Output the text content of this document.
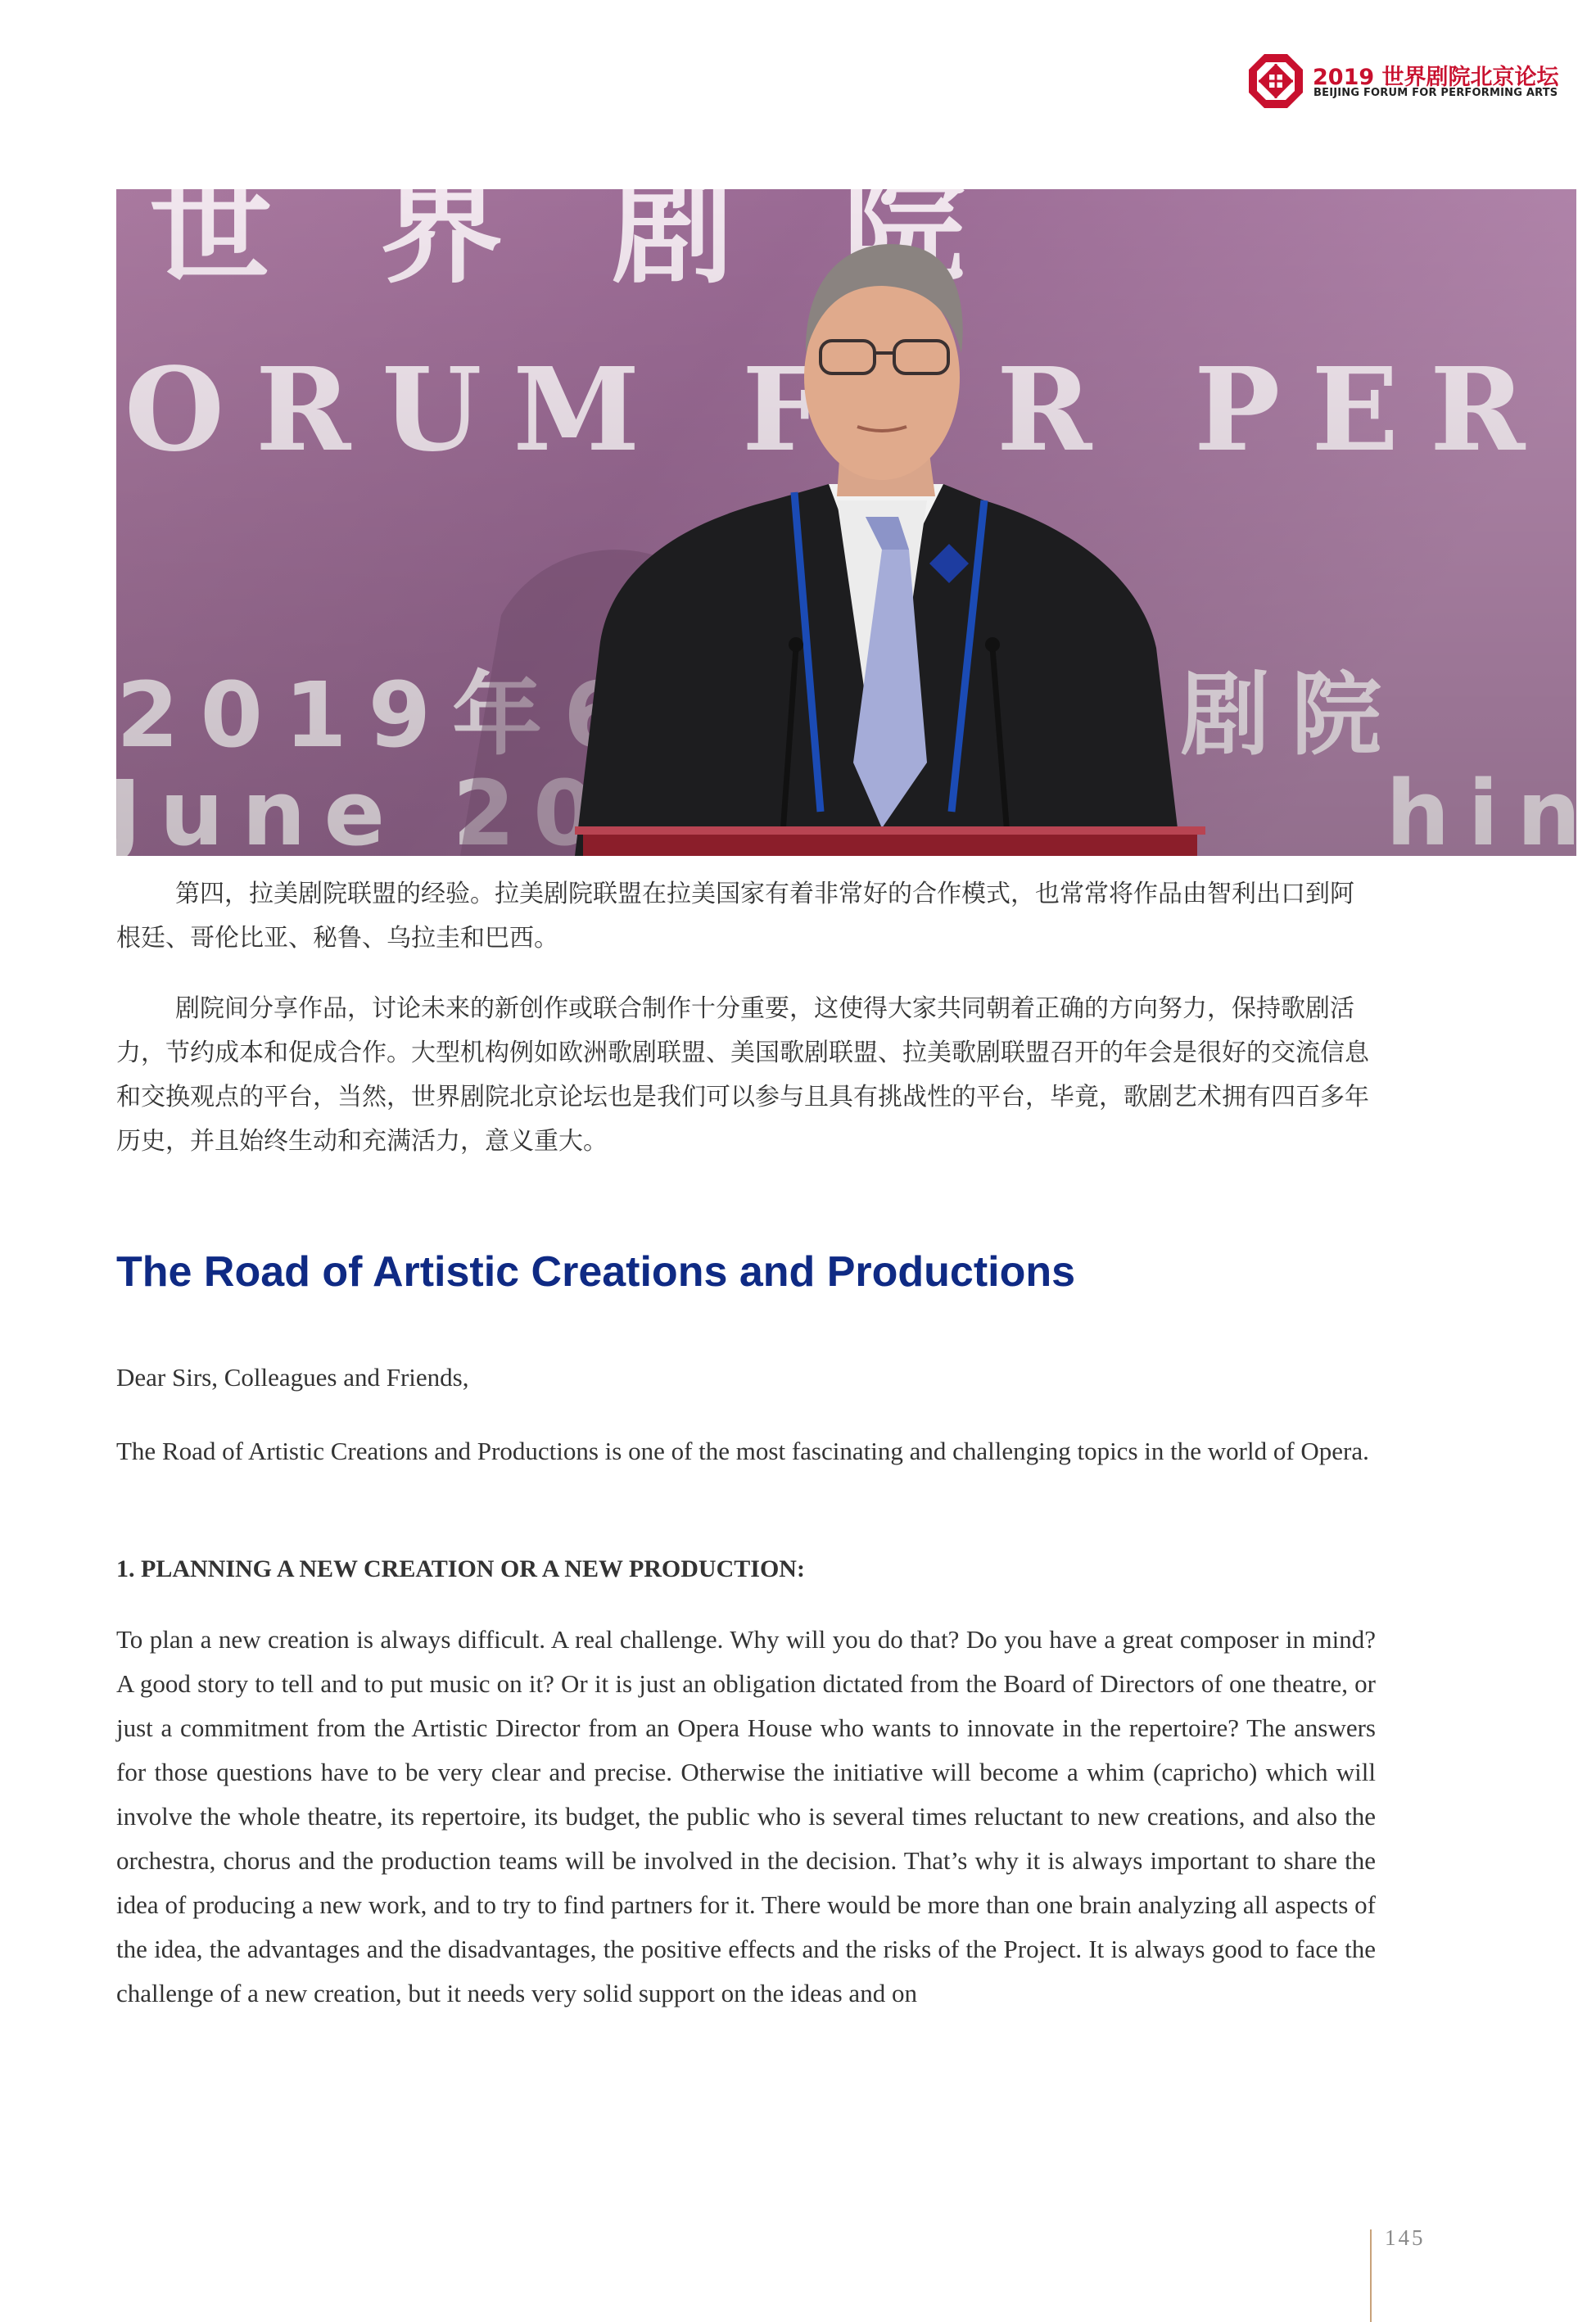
2019 世界剧院北京论坛
BEIJING FORUM FOR PERFORMING ARTS

第四，拉美剧院联盟的经验。拉美剧院联盟在拉美国家有着非常好的合作模式，也常常将作品由智利出口到阿根廷、哥伦比亚、秘鲁、乌拉圭和巴西。

剧院间分享作品，讨论未来的新创作或联合制作十分重要，这使得大家共同朝着正确的方向努力，保持歌剧活力，节约成本和促成合作。大型机构例如欧洲歌剧联盟、美国歌剧联盟、拉美歌剧联盟召开的年会是很好的交流信息和交换观点的平台，当然，世界剧院北京论坛也是我们可以参与且具有挑战性的平台，毕竟，歌剧艺术拥有四百多年历史，并且始终生动和充满活力，意义重大。

The Road of Artistic Creations and Productions

Dear Sirs, Colleagues and Friends,

The Road of Artistic Creations and Productions is one of the most fascinating and challenging topics in the world of Opera.

1. PLANNING A NEW CREATION OR A NEW PRODUCTION:

To plan a new creation is always difficult. A real challenge. Why will you do that? Do you have a great composer in mind? A good story to tell and to put music on it? Or it is just an obligation dictated from the Board of Directors of one theatre, or just a commitment from the Artistic Director from an Opera House who wants to innovate in the repertoire? The answers for those questions have to be very clear and precise. Otherwise the initiative will become a whim (capricho) which will involve the whole theatre, its repertoire, its budget, the public who is several times reluctant to new creations, and also the orchestra, chorus and the production teams will be involved in the decision. That’s why it is always important to share the idea of producing a new work, and to try to find partners for it. There would be more than one brain analyzing all aspects of the idea, the advantages and the disadvantages, the positive effects and the risks of the Project. It is always good to face the challenge of a new creation, but it needs very solid support on the ideas and on

145
